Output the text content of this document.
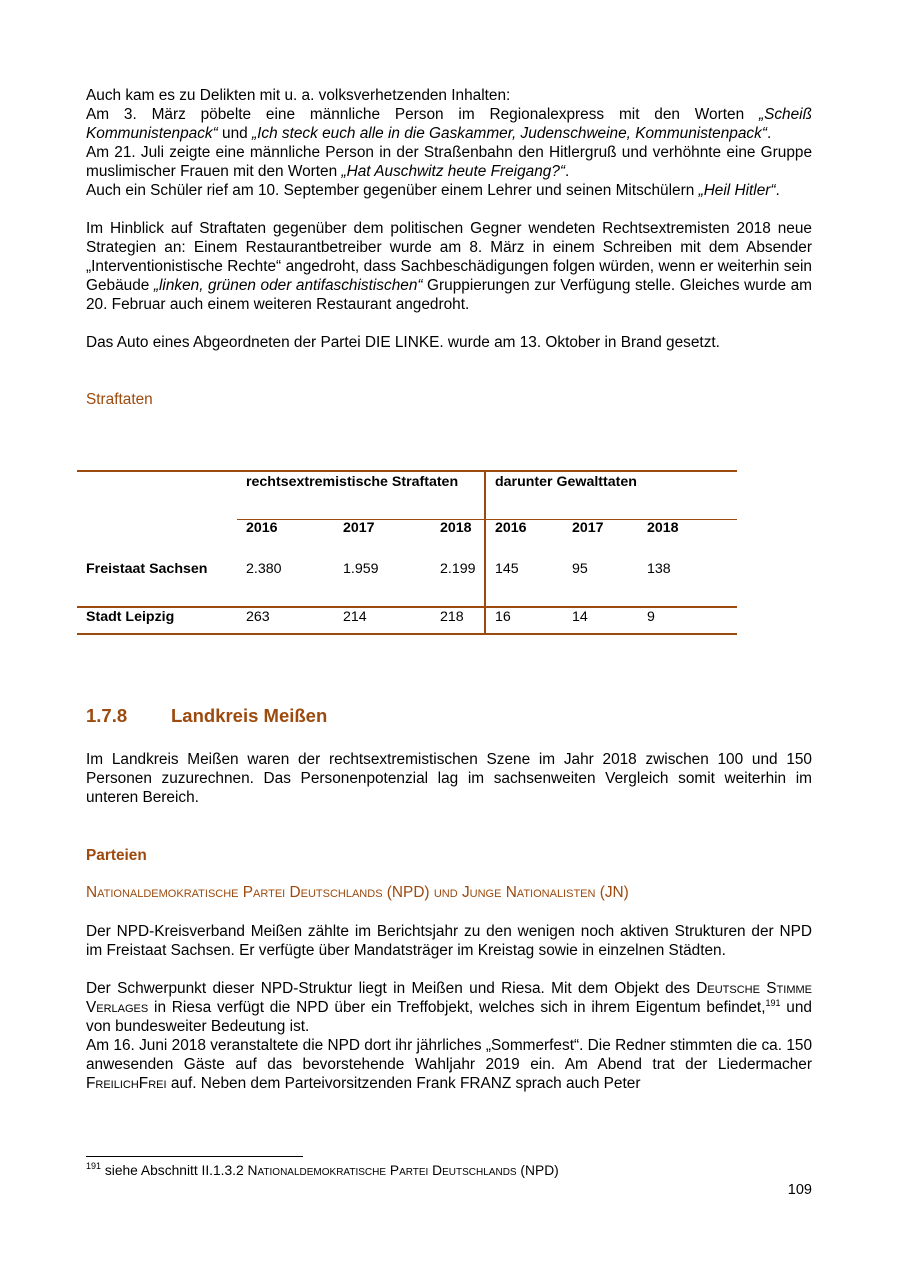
Auch kam es zu Delikten mit u. a. volksverhetzenden Inhalten:

Am 3. März pöbelte eine männliche Person im Regionalexpress mit den Worten „Scheiß Kommunistenpack“ und „Ich steck euch alle in die Gaskammer, Judenschweine, Kommunistenpack“.

Am 21. Juli zeigte eine männliche Person in der Straßenbahn den Hitlergruß und verhöhnte eine Gruppe muslimischer Frauen mit den Worten „Hat Auschwitz heute Freigang?“.

Auch ein Schüler rief am 10. September gegenüber einem Lehrer und seinen Mitschülern „Heil Hitler“.

Im Hinblick auf Straftaten gegenüber dem politischen Gegner wendeten Rechtsextremisten 2018 neue Strategien an: Einem Restaurantbetreiber wurde am 8. März in einem Schreiben mit dem Absender „Interventionistische Rechte“ angedroht, dass Sachbeschädigungen folgen würden, wenn er weiterhin sein Gebäude „linken, grünen oder antifaschistischen“ Gruppierungen zur Verfügung stelle. Gleiches wurde am 20. Februar auch einem weiteren Restaurant angedroht.

Das Auto eines Abgeordneten der Partei DIE LINKE. wurde am 13. Oktober in Brand gesetzt.

Straftaten
	rechtsextremistische Straftaten			darunter Gewalttaten		
	2016	2017	2018	2016	2017	2018
Freistaat Sachsen	2.380	1.959	2.199	145	95	138
Stadt Leipzig	263	214	218	16	14	9
1.7.8 Landkreis Meißen

Im Landkreis Meißen waren der rechtsextremistischen Szene im Jahr 2018 zwischen 100 und 150 Personen zuzurechnen. Das Personenpotenzial lag im sachsenweiten Vergleich somit weiterhin im unteren Bereich.

Parteien
Nationaldemokratische Partei Deutschlands (NPD) und Junge Nationalisten (JN)

Der NPD-Kreisverband Meißen zählte im Berichtsjahr zu den wenigen noch aktiven Strukturen der NPD im Freistaat Sachsen. Er verfügte über Mandatsträger im Kreistag sowie in einzelnen Städten.

Der Schwerpunkt dieser NPD-Struktur liegt in Meißen und Riesa. Mit dem Objekt des Deutsche Stimme Verlages in Riesa verfügt die NPD über ein Treffobjekt, welches sich in ihrem Eigentum befindet,$^{191}$ und von bundesweiter Bedeutung ist.

Am 16. Juni 2018 veranstaltete die NPD dort ihr jährliches „Sommerfest“. Die Redner stimmten die ca. 150 anwesenden Gäste auf das bevorstehende Wahljahr 2019 ein. Am Abend trat der Liedermacher FreilichFrei auf. Neben dem Parteivorsitzenden Frank FRANZ sprach auch Peter

$^{191}$ siehe Abschnitt II.1.3.2 Nationaldemokratische Partei Deutschlands (NPD)
109
